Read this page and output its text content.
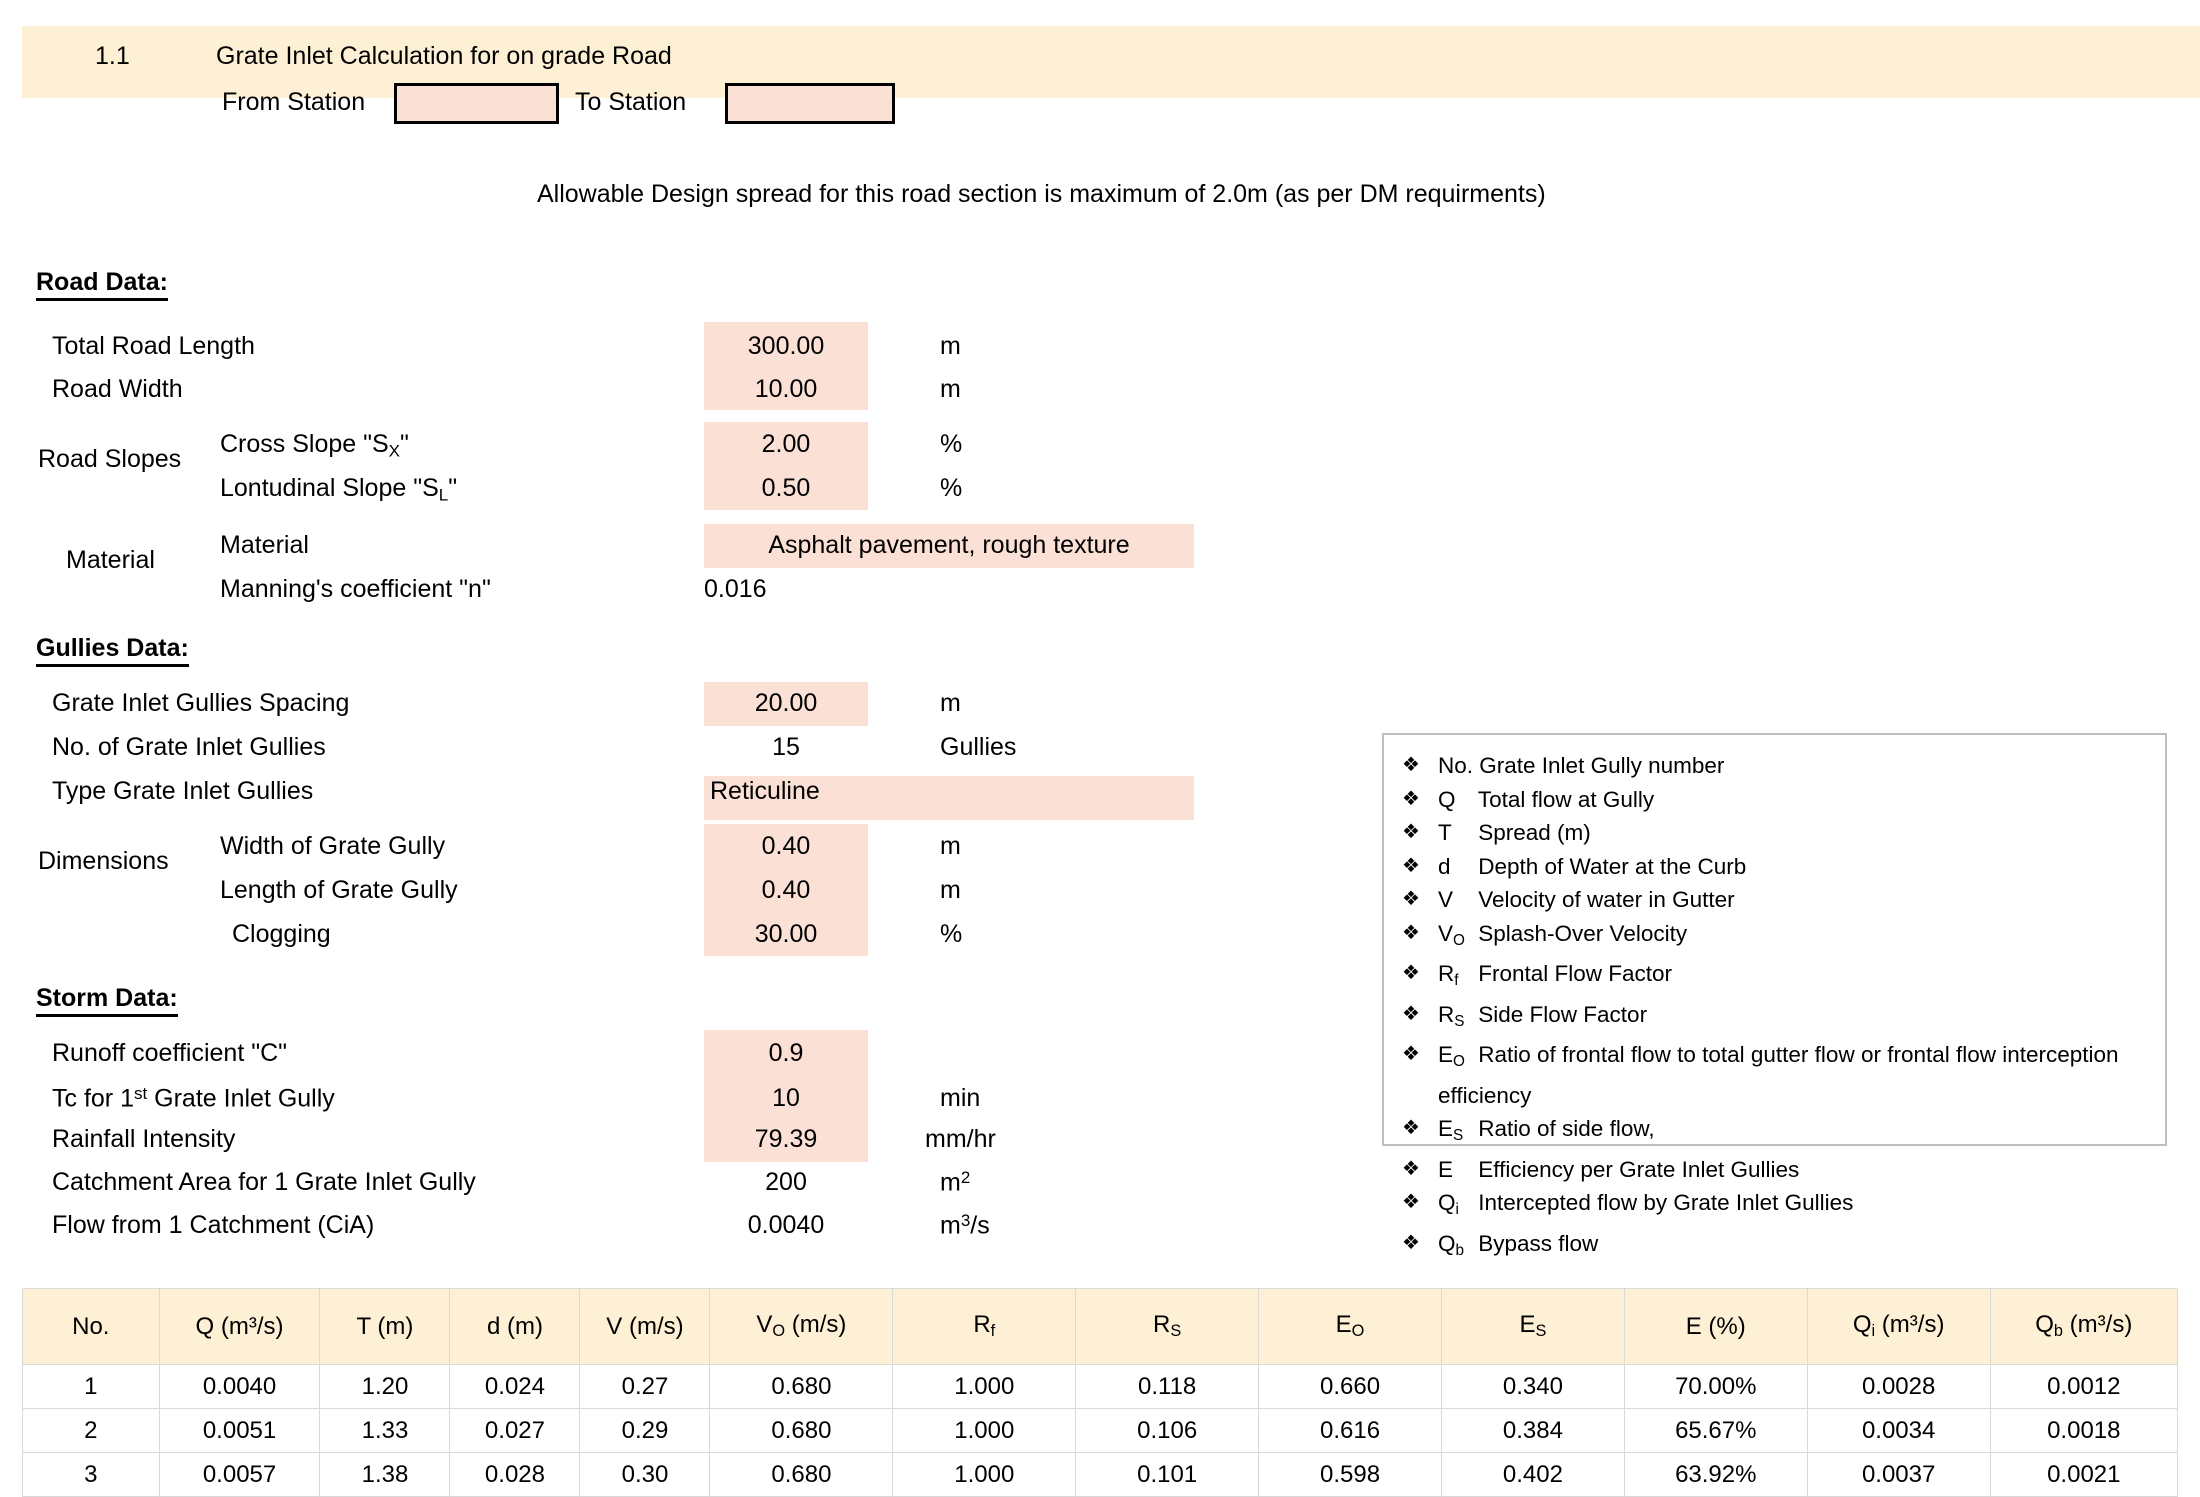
1.1	Grate Inlet Calculation for on grade Road
From Station	To Station
Allowable Design spread for this road section is maximum of 2.0m (as per DM requirments)
Road Data:
Total Road Length	300.00	m
Road Width	10.00	m
Road Slopes
Cross Slope "$S_X$"	2.00	%
Lontudinal Slope "$S_L$"	0.50	%
Material
Material	Asphalt pavement, rough texture
Manning's coefficient "n"	0.016
Gullies Data:
Grate Inlet Gullies Spacing	20.00	m
No. of Grate Inlet Gullies	15	Gullies
Type Grate Inlet Gullies	Reticuline
Dimensions
Width of Grate Gully	0.40	m
Length of Grate Gully	0.40	m
Clogging	30.00	%
Storm Data:
Runoff coefficient "C"	0.9
Tc for 1st Grate Inlet Gully	10	min
Rainfall Intensity	79.39	mm/hr
Catchment Area for 1 Grate Inlet Gully	200	$m^2$
Flow from 1 Catchment (CiA)	0.0040	$m^3/s$
❖ No. Grate Inlet Gully number
❖ Q Total flow at Gully
❖ T Spread (m)
❖ d Depth of Water at the Curb
❖ V Velocity of water in Gutter
❖ $V_O$ Splash-Over Velocity
❖ $R_f$ Frontal Flow Factor
❖ $R_S$ Side Flow Factor
❖ $E_O$ Ratio of frontal flow to total gutter flow or frontal flow interception efficiency
❖ $E_S$ Ratio of side flow,
❖ E Efficiency per Grate Inlet Gullies
❖ $Q_i$ Intercepted flow by Grate Inlet Gullies
❖ $Q_b$ Bypass flow
No.	Q (m³/s)	T (m)	d (m)	V (m/s)	$V_O$ (m/s)	$R_f$	$R_S$	$E_O$	$E_S$	E (%)	$Q_i$ (m³/s)	$Q_b$ (m³/s)
1	0.0040	1.20	0.024	0.27	0.680	1.000	0.118	0.660	0.340	70.00%	0.0028	0.0012
2	0.0051	1.33	0.027	0.29	0.680	1.000	0.106	0.616	0.384	65.67%	0.0034	0.0018
3	0.0057	1.38	0.028	0.30	0.680	1.000	0.101	0.598	0.402	63.92%	0.0037	0.0021
